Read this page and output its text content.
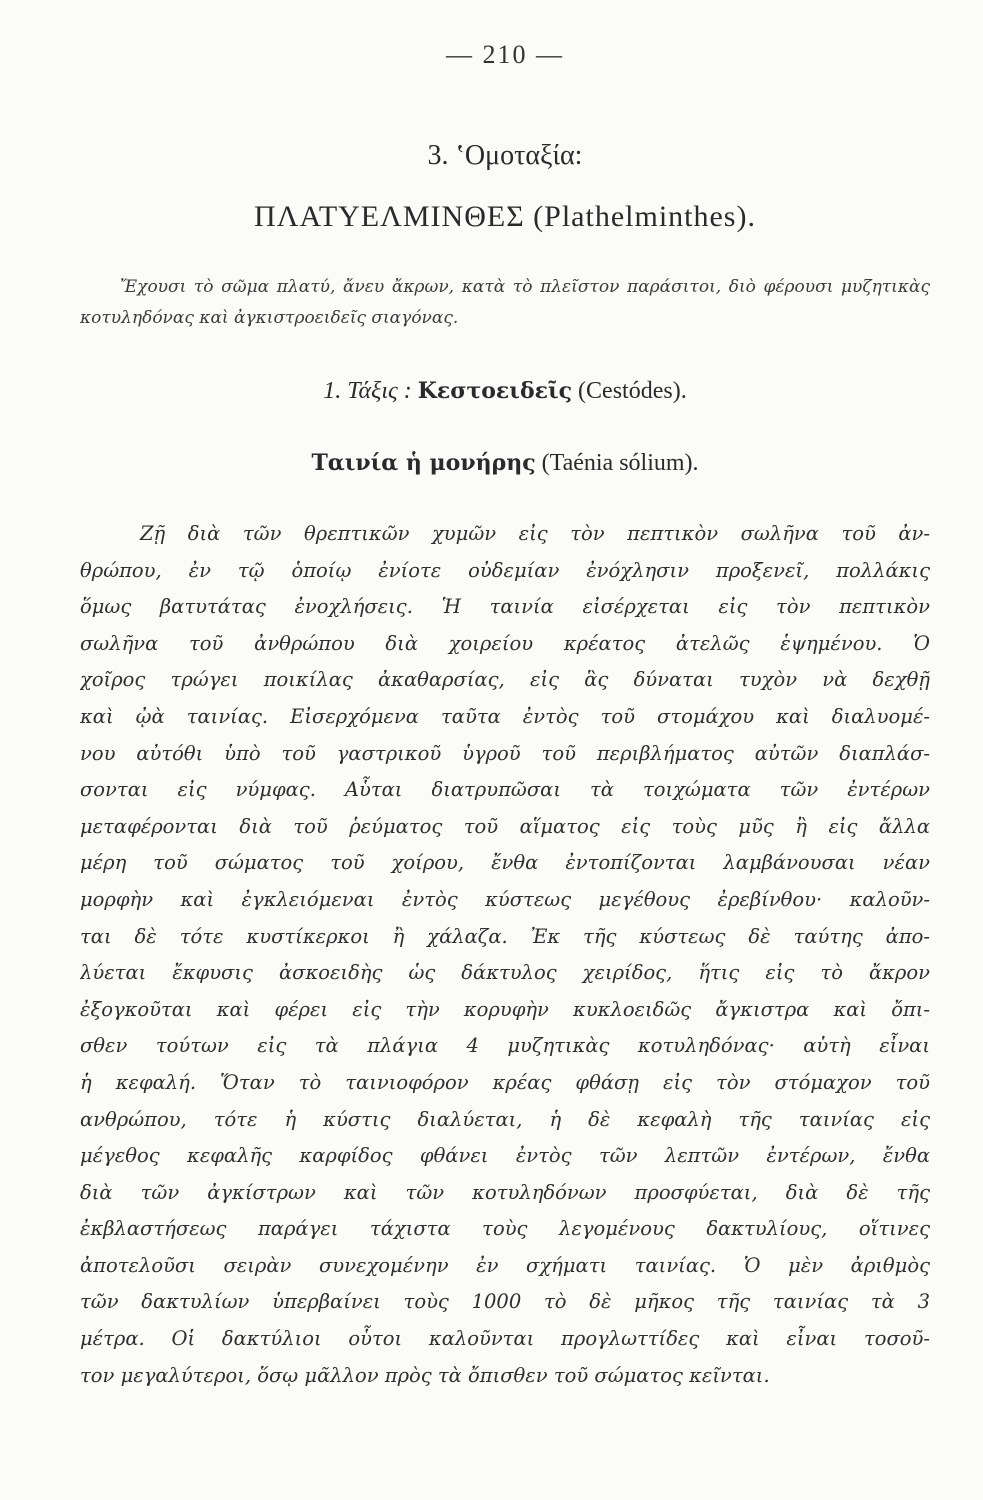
— 210 —
3. ʽΟμοταξία:
ΠΛΑΤΥΕΛΜΙΝΘΕΣ (Plathelminthes).
Ἔχουσι τὸ σῶμα πλατύ, ἄνευ ἄκρων, κατὰ τὸ πλεῖστον παράσιτοι, διὸ φέρουσι μυζητικὰς κοτυληδόνας καὶ ἀγκιστροειδεῖς σιαγόνας.
1. Τάξις : Κεστοειδεῖς (Cestódes).
Ταινία ἡ μονήρης (Taénia sólium).
Ζῇ διὰ τῶν θρεπτικῶν χυμῶν εἰς τὸν πεπτικὸν σωλῆνα τοῦ ἀν-
θρώπου, ἐν τῷ ὁποίῳ ἐνίοτε οὐδεμίαν ἐνόχλησιν προξενεῖ, πολλάκις
ὅμως βατυτάτας ἐνοχλήσεις. Ἡ ταινία εἰσέρχεται εἰς τὸν πεπτικὸν
σωλῆνα τοῦ ἀνθρώπου διὰ χοιρείου κρέατος ἀτελῶς ἑψημένου. Ὁ
χοῖρος τρώγει ποικίλας ἀκαθαρσίας, εἰς ἃς δύναται τυχὸν νὰ δεχθῇ
καὶ ᾠὰ ταινίας. Εἰσερχόμενα ταῦτα ἐντὸς τοῦ στομάχου καὶ διαλυομέ-
νου αὐτόθι ὑπὸ τοῦ γαστρικοῦ ὑγροῦ τοῦ περιβλήματος αὐτῶν διαπλάσ-
σονται εἰς νύμφας. Αὗται διατρυπῶσαι τὰ τοιχώματα τῶν ἐντέρων
μεταφέρονται διὰ τοῦ ῥεύματος τοῦ αἵματος εἰς τοὺς μῦς ἢ εἰς ἄλλα
μέρη τοῦ σώματος τοῦ χοίρου, ἔνθα ἐντοπίζονται λαμβάνουσαι νέαν
μορφὴν καὶ ἐγκλειόμεναι ἐντὸς κύστεως μεγέθους ἐρεβίνθου· καλοῦν-
ται δὲ τότε κυστίκερκοι ἢ χάλαζα. Ἐκ τῆς κύστεως δὲ ταύτης ἀπο-
λύεται ἔκφυσις ἀσκοειδὴς ὡς δάκτυλος χειρίδος, ἥτις εἰς τὸ ἄκρον
ἐξογκοῦται καὶ φέρει εἰς τὴν κορυφὴν κυκλοειδῶς ἄγκιστρα καὶ ὄπι-
σθεν τούτων εἰς τὰ πλάγια 4 μυζητικὰς κοτυληδόνας· αὐτὴ εἶναι
ἡ κεφαλή. Ὅταν τὸ ταινιοφόρον κρέας φθάσῃ εἰς τὸν στόμαχον τοῦ
ανθρώπου, τότε ἡ κύστις διαλύεται, ἡ δὲ κεφαλὴ τῆς ταινίας εἰς
μέγεθος κεφαλῆς καρφίδος φθάνει ἐντὸς τῶν λεπτῶν ἐντέρων, ἔνθα
διὰ τῶν ἀγκίστρων καὶ τῶν κοτυληδόνων προσφύεται, διὰ δὲ τῆς
ἐκβλαστήσεως παράγει τάχιστα τοὺς λεγομένους δακτυλίους, οἵτινες
ἀποτελοῦσι σειρὰν συνεχομένην ἐν σχήματι ταινίας. Ὁ μὲν ἀριθμὸς
τῶν δακτυλίων ὑπερβαίνει τοὺς 1000 τὸ δὲ μῆκος τῆς ταινίας τὰ 3
μέτρα. Οἱ δακτύλιοι οὗτοι καλοῦνται προγλωττίδες καὶ εἶναι τοσοῦ-
τον μεγαλύτεροι, ὅσῳ μᾶλλον πρὸς τὰ ὄπισθεν τοῦ σώματος κεῖνται.
